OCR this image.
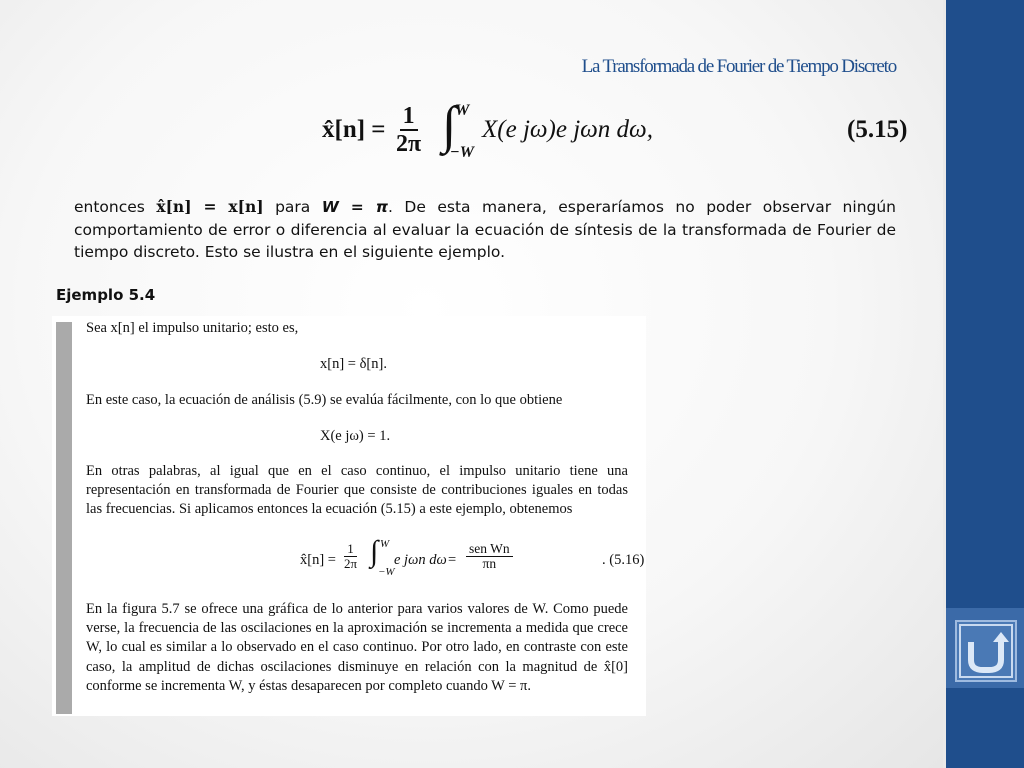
La Transformada de Fourier de Tiempo Discreto
x̂[n] = $\frac{1}{2\pi}$ ∫
W
−W
X(e jω)e jωn dω,	(5.15)
entonces x̂[n] = x[n] para W = π. De esta manera, esperaríamos no poder observar ningún comportamiento de error o diferencia al evaluar la ecuación de síntesis de la transformada de Fourier de tiempo discreto. Esto se ilustra en el siguiente ejemplo.
Ejemplo 5.4
Sea x[n] el impulso unitario; esto es,
x[n] = δ[n].
En este caso, la ecuación de análisis (5.9) se evalúa fácilmente, con lo que obtiene
X(e jω) = 1.
En otras palabras, al igual que en el caso continuo, el impulso unitario tiene una representación en transformada de Fourier que consiste de contribuciones iguales en todas las frecuencias. Si aplicamos entonces la ecuación (5.15) a este ejemplo, obtenemos
x̂[n] = $\frac{1}{2\pi}$ ∫ W
−W
e jωn dω =
sen Wn
πn	. (5.16)
En la figura 5.7 se ofrece una gráfica de lo anterior para varios valores de W. Como puede verse, la frecuencia de las oscilaciones en la aproximación se incrementa a medida que crece W, lo cual es similar a lo observado en el caso continuo. Por otro lado, en contraste con este caso, la amplitud de dichas oscilaciones disminuye en relación con la magnitud de x̂[0] conforme se incrementa W, y éstas desaparecen por completo cuando W = π.
